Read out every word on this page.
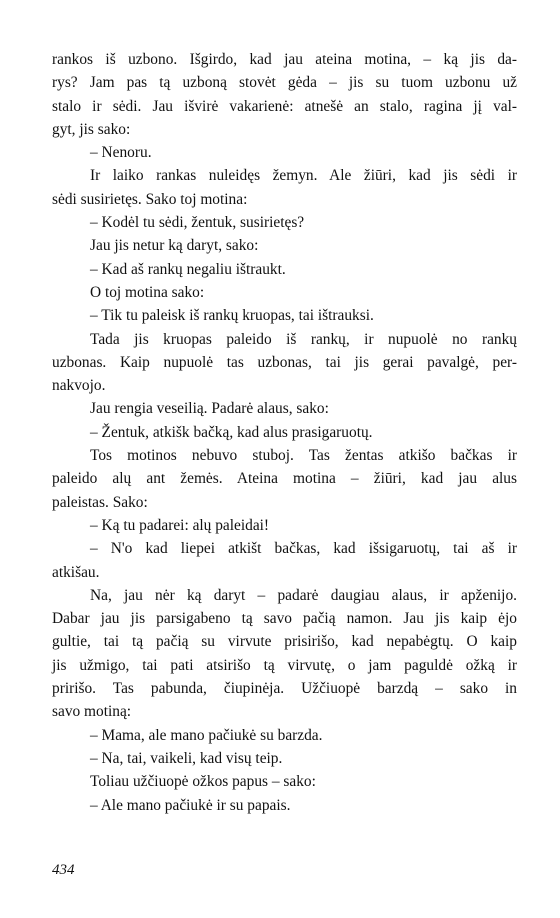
rankos iš uzbono. Išgirdo, kad jau ateina motina, – ką jis da-

rys? Jam pas tą uzboną stovėt gėda – jis su tuom uzbonu už

stalo ir sėdi. Jau išvirė vakarienė: atnešė an stalo, ragina jį val-

gyt, jis sako:

– Nenoru.

Ir laiko rankas nuleidęs žemyn. Ale žiūri, kad jis sėdi ir

sėdi susirietęs. Sako toj motina:

– Kodėl tu sėdi, žentuk, susirietęs?

Jau jis netur ką daryt, sako:

– Kad aš rankų negaliu ištraukt.

O toj motina sako:

– Tik tu paleisk iš rankų kruopas, tai ištrauksi.

Tada jis kruopas paleido iš rankų, ir nupuolė no rankų

uzbonas. Kaip nupuolė tas uzbonas, tai jis gerai pavalgė, per-

nakvojo.

Jau rengia veseilią. Padarė alaus, sako:

– Žentuk, atkišk bačką, kad alus prasigaruotų.

Tos motinos nebuvo stuboj. Tas žentas atkišo bačkas ir

paleido alų ant žemės. Ateina motina – žiūri, kad jau alus

paleistas. Sako:

– Ką tu padarei: alų paleidai!

– N'o kad liepei atkišt bačkas, kad išsigaruotų, tai aš ir

atkišau.

Na, jau nėr ką daryt – padarė daugiau alaus, ir apženijo.

Dabar jau jis parsigabeno tą savo pačią namon. Jau jis kaip ėjo

gultie, tai tą pačią su virvute prisirišo, kad nepabėgtų. O kaip

jis užmigo, tai pati atsirišo tą virvutę, o jam paguldė ožką ir

pririšo. Tas pabunda, čiupinėja. Užčiuopė barzdą – sako in

savo motiną:

– Mama, ale mano pačiukė su barzda.

– Na, tai, vaikeli, kad visų teip.

Toliau užčiuopė ožkos papus – sako:

– Ale mano pačiukė ir su papais.

434
